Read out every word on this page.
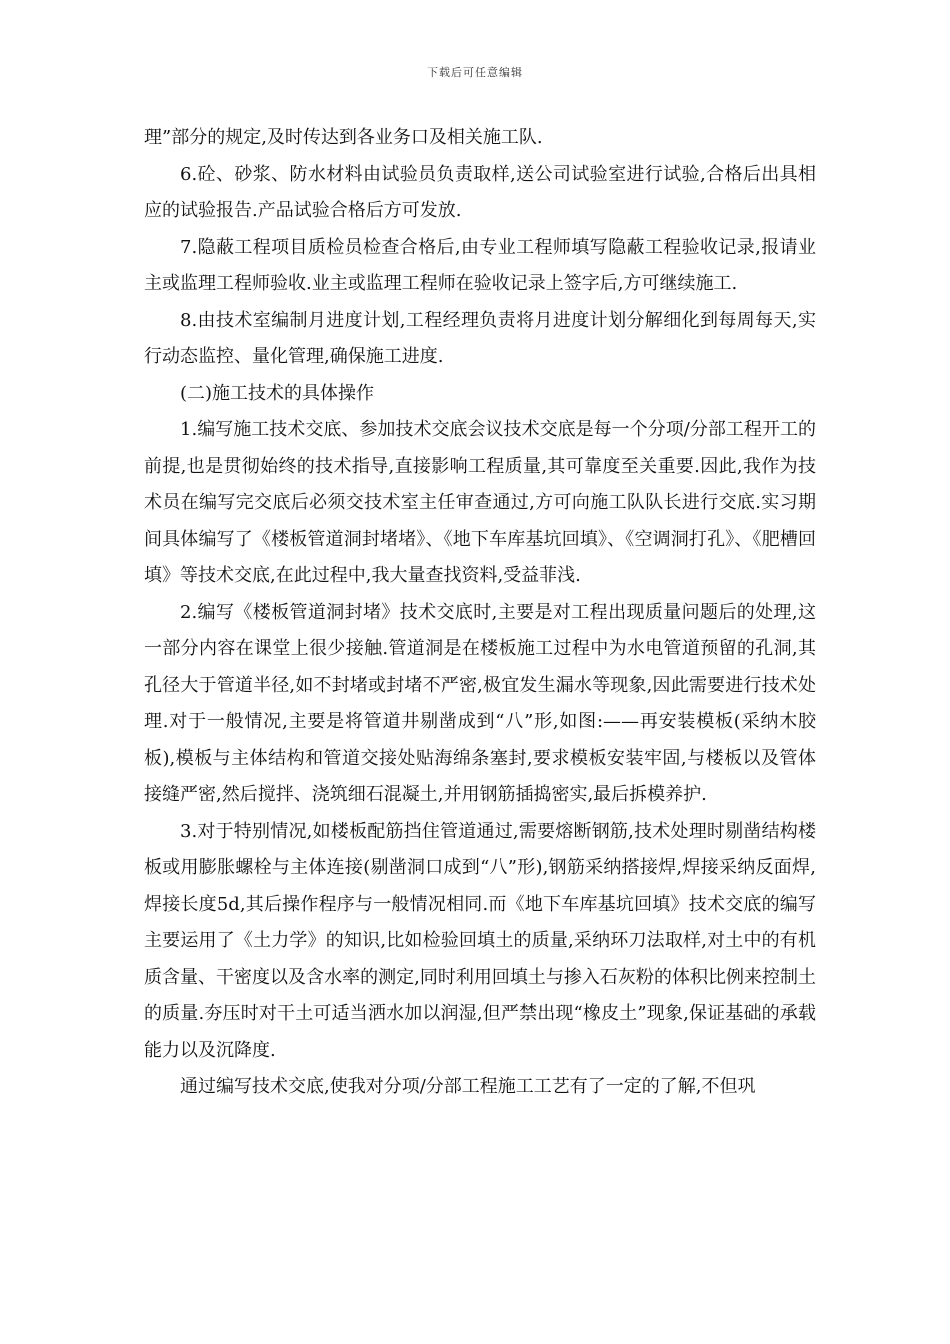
下载后可任意编辑

理”部分的规定,及时传达到各业务口及相关施工队.

6.砼、砂浆、防水材料由试验员负责取样,送公司试验室进行试验,合格后出具相应的试验报告.产品试验合格后方可发放.

7.隐蔽工程项目质检员检查合格后,由专业工程师填写隐蔽工程验收记录,报请业主或监理工程师验收.业主或监理工程师在验收记录上签字后,方可继续施工.

8.由技术室编制月进度计划,工程经理负责将月进度计划分解细化到每周每天,实行动态监控、量化管理,确保施工进度.

(二)施工技术的具体操作

1.编写施工技术交底、参加技术交底会议技术交底是每一个分项/分部工程开工的前提,也是贯彻始终的技术指导,直接影响工程质量,其可靠度至关重要.因此,我作为技术员在编写完交底后必须交技术室主任审查通过,方可向施工队队长进行交底.实习期间具体编写了《楼板管道洞封堵堵》、《地下车库基坑回填》、《空调洞打孔》、《肥槽回填》等技术交底,在此过程中,我大量查找资料,受益菲浅.

2.编写《楼板管道洞封堵》技术交底时,主要是对工程出现质量问题后的处理,这一部分内容在课堂上很少接触.管道洞是在楼板施工过程中为水电管道预留的孔洞,其孔径大于管道半径,如不封堵或封堵不严密,极宜发生漏水等现象,因此需要进行技术处理.对于一般情况,主要是将管道井剔凿成到“八”形,如图:——再安装模板(采纳木胶板),模板与主体结构和管道交接处贴海绵条塞封,要求模板安装牢固,与楼板以及管体接缝严密,然后搅拌、浇筑细石混凝土,并用钢筋插捣密实,最后拆模养护.

3.对于特别情况,如楼板配筋挡住管道通过,需要熔断钢筋,技术处理时剔凿结构楼板或用膨胀螺栓与主体连接(剔凿洞口成到“八”形),钢筋采纳搭接焊,焊接采纳反面焊,焊接长度5d,其后操作程序与一般情况相同.而《地下车库基坑回填》技术交底的编写主要运用了《土力学》的知识,比如检验回填土的质量,采纳环刀法取样,对土中的有机质含量、干密度以及含水率的测定,同时利用回填土与掺入石灰粉的体积比例来控制土的质量.夯压时对干土可适当洒水加以润湿,但严禁出现“橡皮土”现象,保证基础的承载能力以及沉降度.

通过编写技术交底,使我对分项/分部工程施工工艺有了一定的了解,不但巩
